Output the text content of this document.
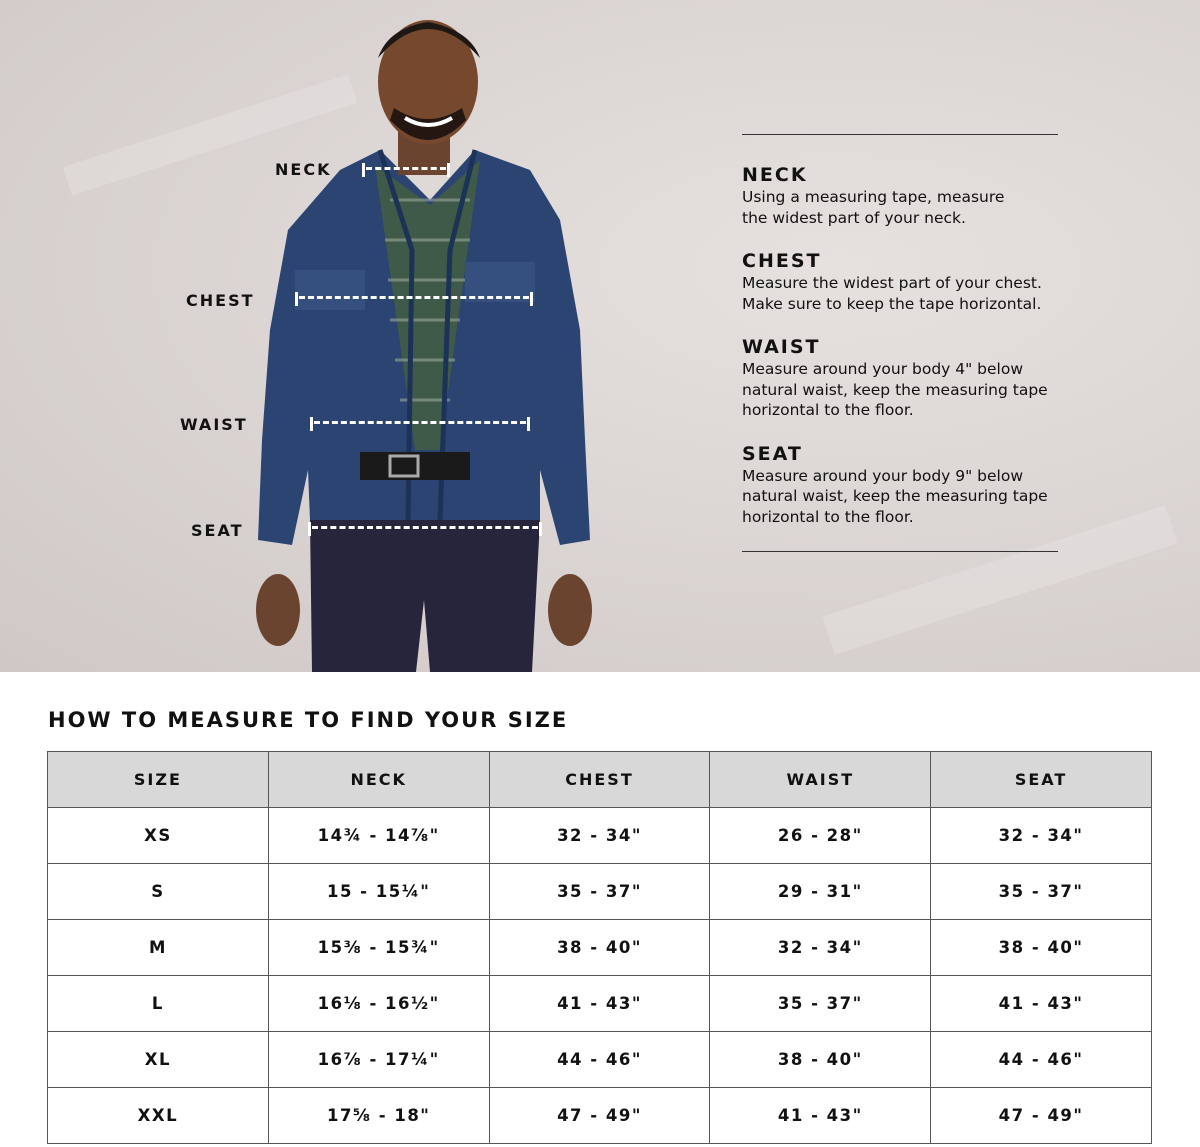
NECK
CHEST
WAIST
SEAT
NECK

Using a measuring tape, measure
the widest part of your neck.

CHEST

Measure the widest part of your chest.
Make sure to keep the tape horizontal.

WAIST

Measure around your body 4" below
natural waist, keep the measuring tape
horizontal to the floor.

SEAT

Measure around your body 9" below
natural waist, keep the measuring tape
horizontal to the floor.

HOW TO MEASURE TO FIND YOUR SIZE
SIZE	NECK	CHEST	WAIST	SEAT
XS	14¾ - 14⅞"	32 - 34"	26 - 28"	32 - 34"
S	15 - 15¼"	35 - 37"	29 - 31"	35 - 37"
M	15⅜ - 15¾"	38 - 40"	32 - 34"	38 - 40"
L	16⅛ - 16½"	41 - 43"	35 - 37"	41 - 43"
XL	16⅞ - 17¼"	44 - 46"	38 - 40"	44 - 46"
XXL	17⅝ - 18"	47 - 49"	41 - 43"	47 - 49"
